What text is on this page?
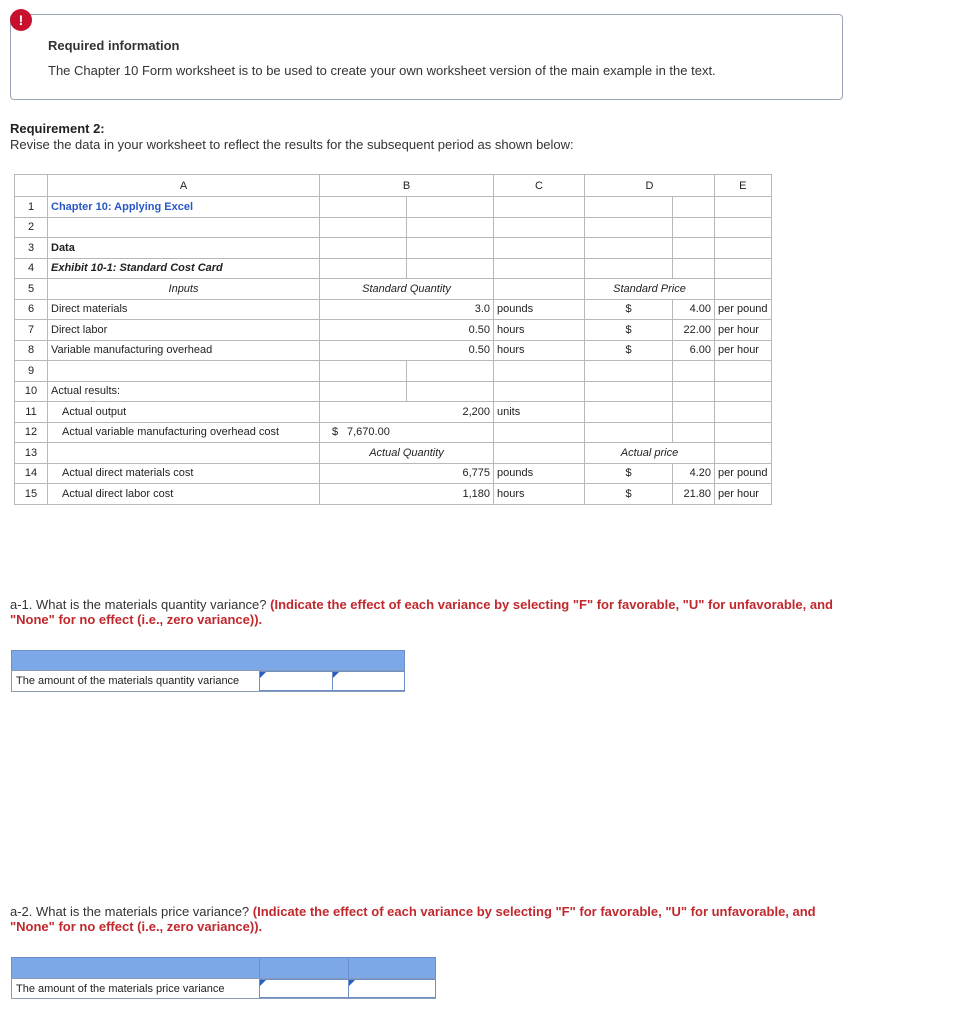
!
Required information
The Chapter 10 Form worksheet is to be used to create your own worksheet version of the main example in the text.
Requirement 2:
Revise the data in your worksheet to reflect the results for the subsequent period as shown below:
	A	B		C	D		E
1	Chapter 10: Applying Excel						
2							
3	Data						
4	Exhibit 10-1: Standard Cost Card						
5	Inputs	Standard Quantity			Standard Price		
6	Direct materials	3.0		pounds	$	4.00	per pound
7	Direct labor	0.50		hours	$	22.00	per hour
8	Variable manufacturing overhead	0.50		hours	$	6.00	per hour
9							
10	Actual results:						
11	Actual output	2,200		units			
12	Actual variable manufacturing overhead cost	$ 7,670.00					
13		Actual Quantity			Actual price		
14	Actual direct materials cost	6,775		pounds	$	4.20	per pound
15	Actual direct labor cost	1,180		hours	$	21.80	per hour
a-1. What is the materials quantity variance? (Indicate the effect of each variance by selecting "F" for favorable, "U" for unfavorable, and "None" for no effect (i.e., zero variance)).
The amount of the materials quantity variance
a-2. What is the materials price variance? (Indicate the effect of each variance by selecting "F" for favorable, "U" for unfavorable, and "None" for no effect (i.e., zero variance)).
The amount of the materials price variance
